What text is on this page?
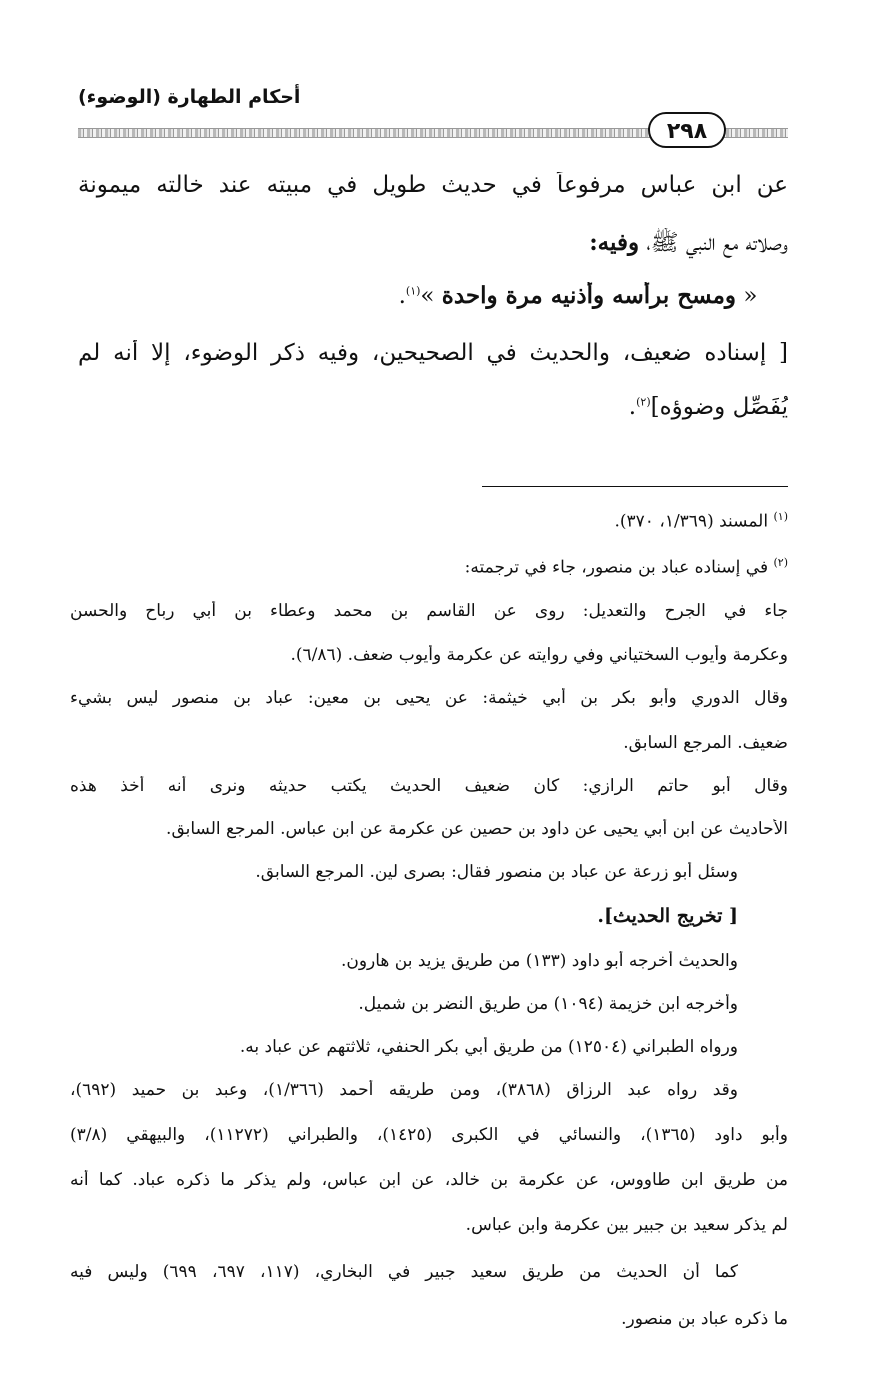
أحكام الطهارة (الوضوء)
٢٩٨
عن ابن عباس مرفوعاً في حديث طويل في مبيته عند خالته ميمونة
وصلاته مع النبي ﷺ، وفيه:
« ومسح برأسه وأذنيه مرة واحدة »$^{(١)}$.
[ إسناده ضعيف، والحديث في الصحيحين، وفيه ذكر الوضوء، إلا أنه لم
يُفَصِّل وضوؤه]$^{(٢)}$.
$^{(١)}$ المسند (١/٣٦٩، ٣٧٠).
$^{(٢)}$ في إسناده عباد بن منصور، جاء في ترجمته:
جاء في الجرح والتعديل: روى عن القاسم بن محمد وعطاء بن أبي رباح والحسن
وعكرمة وأيوب السختياني وفي روايته عن عكرمة وأيوب ضعف. (٦/٨٦).
وقال الدوري وأبو بكر بن أبي خيثمة: عن يحيى بن معين: عباد بن منصور ليس بشيء
ضعيف. المرجع السابق.
وقال أبو حاتم الرازي: كان ضعيف الحديث يكتب حديثه ونرى أنه أخذ هذه
الأحاديث عن ابن أبي يحيى عن داود بن حصين عن عكرمة عن ابن عباس. المرجع السابق.
وسئل أبو زرعة عن عباد بن منصور فقال: بصرى لين. المرجع السابق.
[ تخريج الحديث].
والحديث أخرجه أبو داود (١٣٣) من طريق يزيد بن هارون.
وأخرجه ابن خزيمة (١٠٩٤) من طريق النضر بن شميل.
ورواه الطبراني (١٢٥٠٤) من طريق أبي بكر الحنفي، ثلاثتهم عن عباد به.
وقد رواه عبد الرزاق (٣٨٦٨)، ومن طريقه أحمد (١/٣٦٦)، وعبد بن حميد (٦٩٢)،
وأبو داود (١٣٦٥)، والنسائي في الكبرى (١٤٢٥)، والطبراني (١١٢٧٢)، والبيهقي (٣/٨)
من طريق ابن طاووس، عن عكرمة بن خالد، عن ابن عباس، ولم يذكر ما ذكره عباد. كما أنه
لم يذكر سعيد بن جبير بين عكرمة وابن عباس.
كما أن الحديث من طريق سعيد جبير في البخاري، (١١٧، ٦٩٧، ٦٩٩) وليس فيه
ما ذكره عباد بن منصور.
